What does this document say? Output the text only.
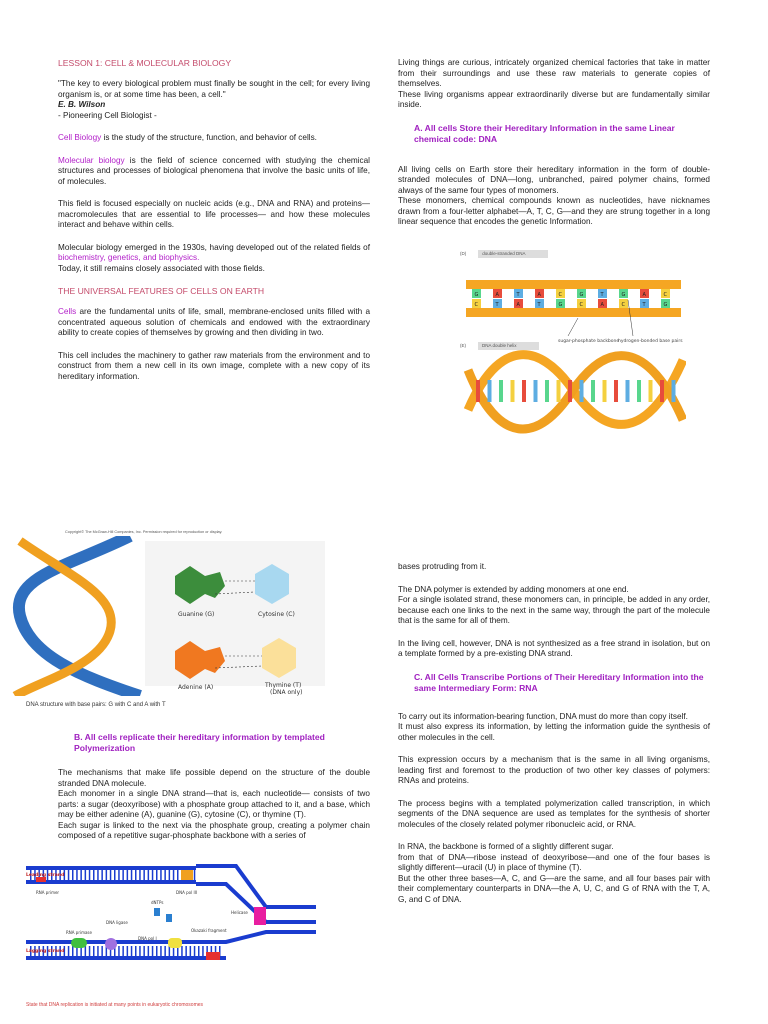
LESSON 1: CELL & MOLECULAR BIOLOGY

"The key to every biological problem must finally be sought in the cell; for every living organism is, or at some time has been, a cell."

E. B. Wilson

- Pioneering Cell Biologist -

Cell Biology is the study of the structure, function, and behavior of cells.

Molecular biology is the field of science concerned with studying the chemical structures and processes of biological phenomena that involve the basic units of life, of molecules.

This field is focused especially on nucleic acids (e.g., DNA and RNA) and proteins—macromolecules that are essential to life processes— and how these molecules interact and behave within cells.

Molecular biology emerged in the 1930s, having developed out of the related fields of biochemistry, genetics, and biophysics.

Today, it still remains closely associated with those fields.

THE UNIVERSAL FEATURES OF CELLS ON EARTH

Cells are the fundamental units of life, small, membrane-enclosed units filled with a concentrated aqueous solution of chemicals and endowed with the extraordinary ability to create copies of themselves by growing and then dividing in two.

This cell includes the machinery to gather raw materials from the environment and to construct from them a new cell in its own image, complete with a new copy of its hereditary information.

Living things are curious, intricately organized chemical factories that take in matter from their surroundings and use these raw materials to generate copies of themselves.

These living organisms appear extraordinarily diverse but are fundamentally similar inside.

A. All cells Store their Hereditary Information in the same Linear chemical code: DNA

All living cells on Earth store their hereditary information in the form of double-stranded molecules of DNA—long, unbranched, paired polymer chains, formed always of the same four types of monomers.

These monomers, chemical compounds known as nucleotides, have nicknames drawn from a four-letter alphabet—A, T, C, G—and they are strung together in a long linear sequence that encodes the genetic Information.

(D)	double-stranded DNA
G
C
A
T
T
A
A
T
C
G
G
C
T
A
G
C
A
T
C
G
sugar-phosphate backbone
hydrogen-bonded base pairs
(E)	DNA double helix
Copyright© The McGraw-Hill Companies, Inc. Permission required for reproduction or display.
Guanine (G)	Cytosine (C)
Adenine (A)	Thymine (T)
(DNA only)
DNA structure with base pairs: G with C and A with T
B. All cells replicate their hereditary information by templated Polymerization

The mechanisms that make life possible depend on the structure of the double stranded DNA molecule.

Each monomer in a single DNA strand—that is, each nucleotide— consists of two parts: a sugar (deoxyribose) with a phosphate group attached to it, and a base, which may be either adenine (A), guanine (G), cytosine (C), or thymine (T).

Each sugar is linked to the next via the phosphate group, creating a polymer chain composed of a repetitive sugar-phosphate backbone with a series of

Leading strand
Lagging strand
RNA primer	DNA pol III
DNA ligase
dNTPs
Helicase
RNA primase	Okazaki fragment
DNA pol I
State that DNA replication is initiated at many points in eukaryotic chromosomes

bases protruding from it.

The DNA polymer is extended by adding monomers at one end.

For a single isolated strand, these monomers can, in principle, be added in any order, because each one links to the next in the same way, through the part of the molecule that is the same for all of them.

In the living cell, however, DNA is not synthesized as a free strand in isolation, but on a template formed by a pre-existing DNA strand.

C. All Cells Transcribe Portions of Their Hereditary Information into the same Intermediary Form: RNA

To carry out its information-bearing function, DNA must do more than copy itself.

It must also express its information, by letting the information guide the synthesis of other molecules in the cell.

This expression occurs by a mechanism that is the same in all living organisms, leading first and foremost to the production of two other key classes of polymers: RNAs and proteins.

The process begins with a templated polymerization called transcription, in which segments of the DNA sequence are used as templates for the synthesis of shorter molecules of the closely related polymer ribonucleic acid, or RNA.

In RNA, the backbone is formed of a slightly different sugar.

from that of DNA—ribose instead of deoxyribose—and one of the four bases is slightly different—uracil (U) in place of thymine (T).

But the other three bases—A, C, and G—are the same, and all four bases pair with their complementary counterparts in DNA—the A, U, C, and G of RNA with the T, A, G, and C of DNA.
